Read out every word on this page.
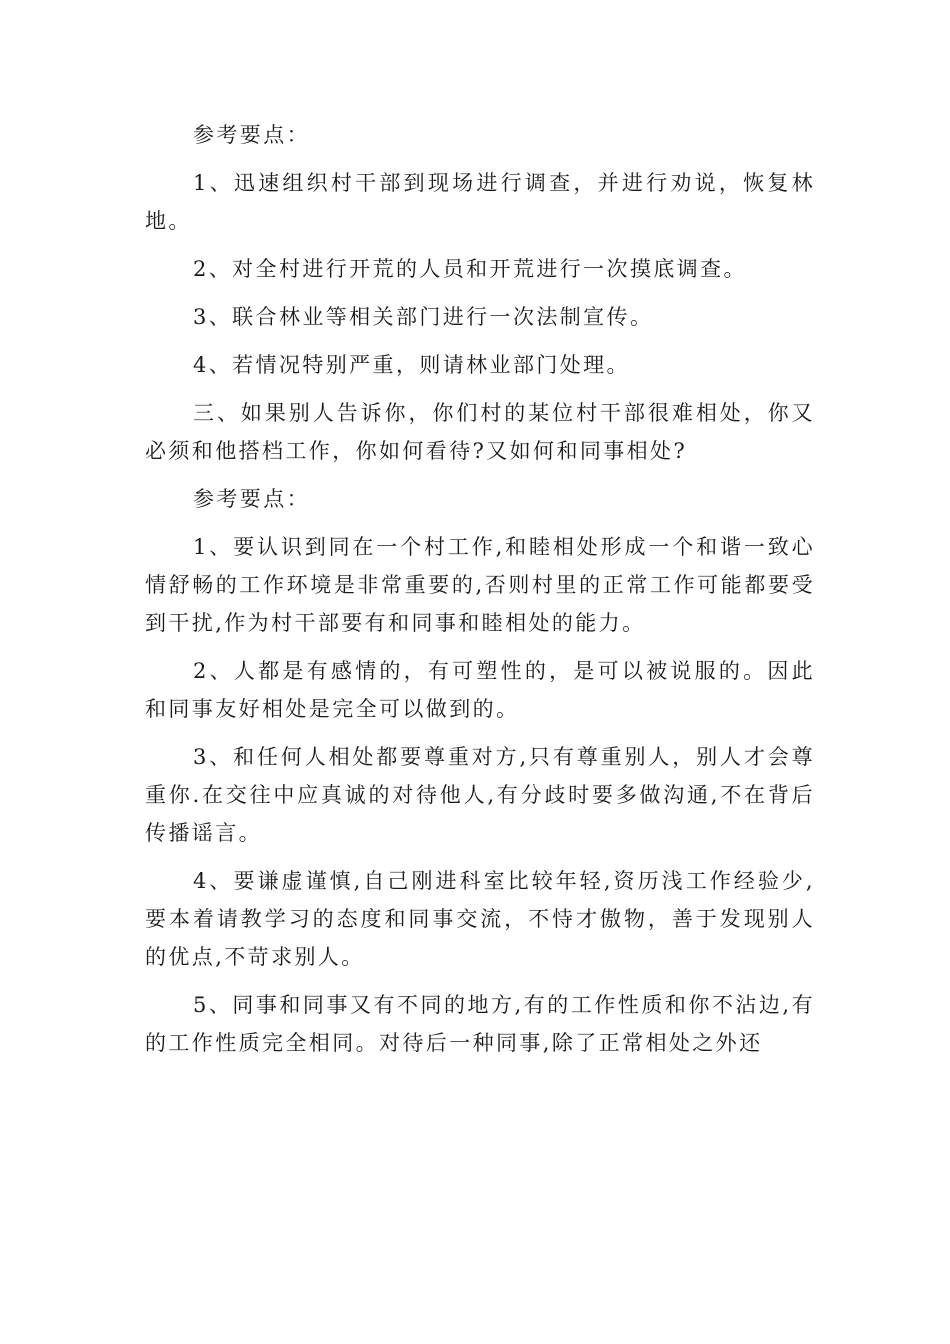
参考要点：

1、迅速组织村干部到现场进行调查，并进行劝说，恢复林地。

2、对全村进行开荒的人员和开荒进行一次摸底调查。

3、联合林业等相关部门进行一次法制宣传。

4、若情况特别严重，则请林业部门处理。

三、如果别人告诉你，你们村的某位村干部很难相处，你又必须和他搭档工作，你如何看待?又如何和同事相处?

参考要点：

1、要认识到同在一个村工作,和睦相处形成一个和谐一致心情舒畅的工作环境是非常重要的,否则村里的正常工作可能都要受到干扰,作为村干部要有和同事和睦相处的能力。

2、人都是有感情的，有可塑性的，是可以被说服的。因此和同事友好相处是完全可以做到的。

3、和任何人相处都要尊重对方,只有尊重别人，别人才会尊重你.在交往中应真诚的对待他人,有分歧时要多做沟通,不在背后传播谣言。

4、要谦虚谨慎,自己刚进科室比较年轻,资历浅工作经验少,要本着请教学习的态度和同事交流，不恃才傲物，善于发现别人的优点,不苛求别人。

5、同事和同事又有不同的地方,有的工作性质和你不沾边,有的工作性质完全相同。对待后一种同事,除了正常相处之外还
